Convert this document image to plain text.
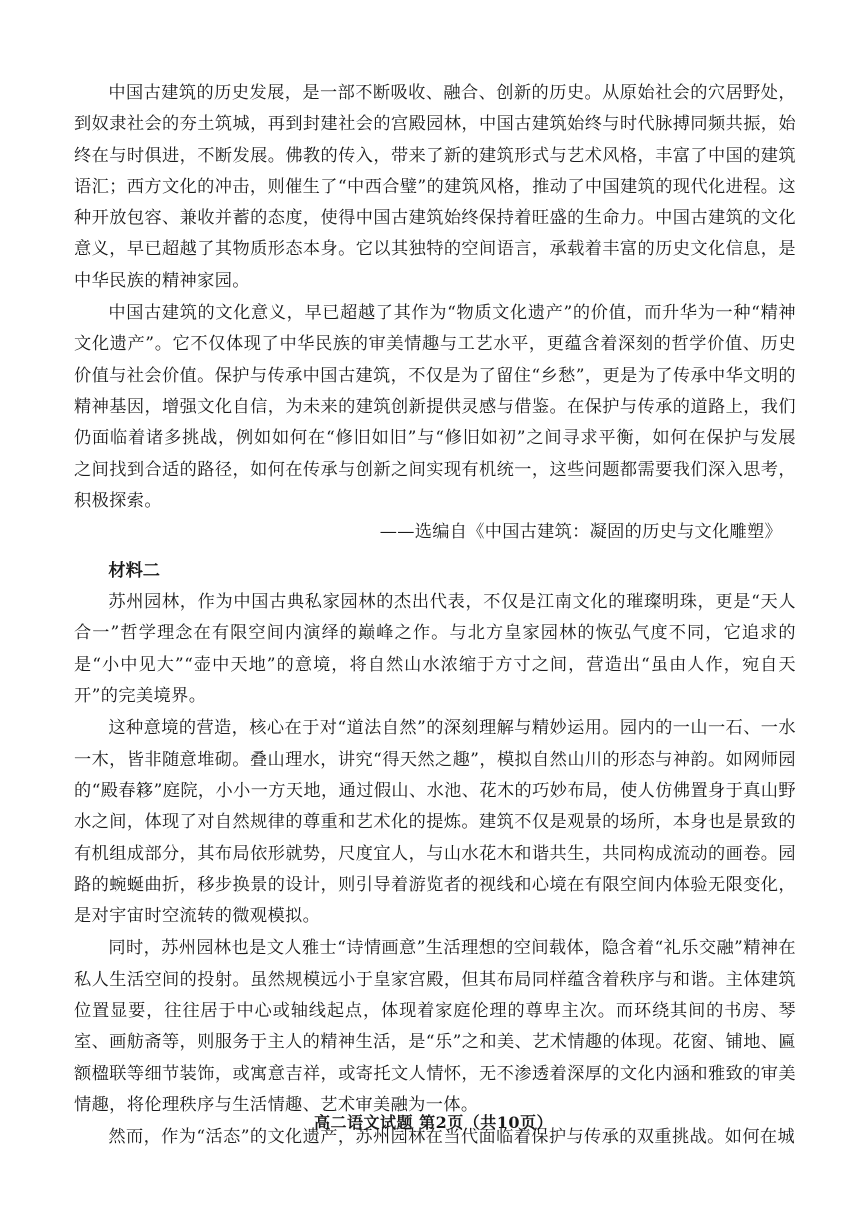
中国古建筑的历史发展，是一部不断吸收、融合、创新的历史。从原始社会的穴居野处，到奴隶社会的夯土筑城，再到封建社会的宫殿园林，中国古建筑始终与时代脉搏同频共振，始终在与时俱进，不断发展。佛教的传入，带来了新的建筑形式与艺术风格，丰富了中国的建筑语汇；西方文化的冲击，则催生了“中西合璧”的建筑风格，推动了中国建筑的现代化进程。这种开放包容、兼收并蓄的态度，使得中国古建筑始终保持着旺盛的生命力。中国古建筑的文化意义，早已超越了其物质形态本身。它以其独特的空间语言，承载着丰富的历史文化信息，是中华民族的精神家园。

中国古建筑的文化意义，早已超越了其作为“物质文化遗产”的价值，而升华为一种“精神文化遗产”。它不仅体现了中华民族的审美情趣与工艺水平，更蕴含着深刻的哲学价值、历史价值与社会价值。保护与传承中国古建筑，不仅是为了留住“乡愁”，更是为了传承中华文明的精神基因，增强文化自信，为未来的建筑创新提供灵感与借鉴。在保护与传承的道路上，我们仍面临着诸多挑战，例如如何在“修旧如旧”与“修旧如初”之间寻求平衡，如何在保护与发展之间找到合适的路径，如何在传承与创新之间实现有机统一，这些问题都需要我们深入思考，积极探索。

——选编自《中国古建筑：凝固的历史与文化雕塑》

材料二

苏州园林，作为中国古典私家园林的杰出代表，不仅是江南文化的璀璨明珠，更是“天人合一”哲学理念在有限空间内演绎的巅峰之作。与北方皇家园林的恢弘气度不同，它追求的是“小中见大”“壶中天地”的意境，将自然山水浓缩于方寸之间，营造出“虽由人作，宛自天开”的完美境界。

这种意境的营造，核心在于对“道法自然”的深刻理解与精妙运用。园内的一山一石、一水一木，皆非随意堆砌。叠山理水，讲究“得天然之趣”，模拟自然山川的形态与神韵。如网师园的“殿春簃”庭院，小小一方天地，通过假山、水池、花木的巧妙布局，使人仿佛置身于真山野水之间，体现了对自然规律的尊重和艺术化的提炼。建筑不仅是观景的场所，本身也是景致的有机组成部分，其布局依形就势，尺度宜人，与山水花木和谐共生，共同构成流动的画卷。园路的蜿蜒曲折，移步换景的设计，则引导着游览者的视线和心境在有限空间内体验无限变化，是对宇宙时空流转的微观模拟。

同时，苏州园林也是文人雅士“诗情画意”生活理想的空间载体，隐含着“礼乐交融”精神在私人生活空间的投射。虽然规模远小于皇家宫殿，但其布局同样蕴含着秩序与和谐。主体建筑位置显要，往往居于中心或轴线起点，体现着家庭伦理的尊卑主次。而环绕其间的书房、琴室、画舫斋等，则服务于主人的精神生活，是“乐”之和美、艺术情趣的体现。花窗、铺地、匾额楹联等细节装饰，或寓意吉祥，或寄托文人情怀，无不渗透着深厚的文化内涵和雅致的审美情趣，将伦理秩序与生活情趣、艺术审美融为一体。

然而，作为“活态”的文化遗产，苏州园林在当代面临着保护与传承的双重挑战。如何在城

高二语文试题 第2页（共10页）
